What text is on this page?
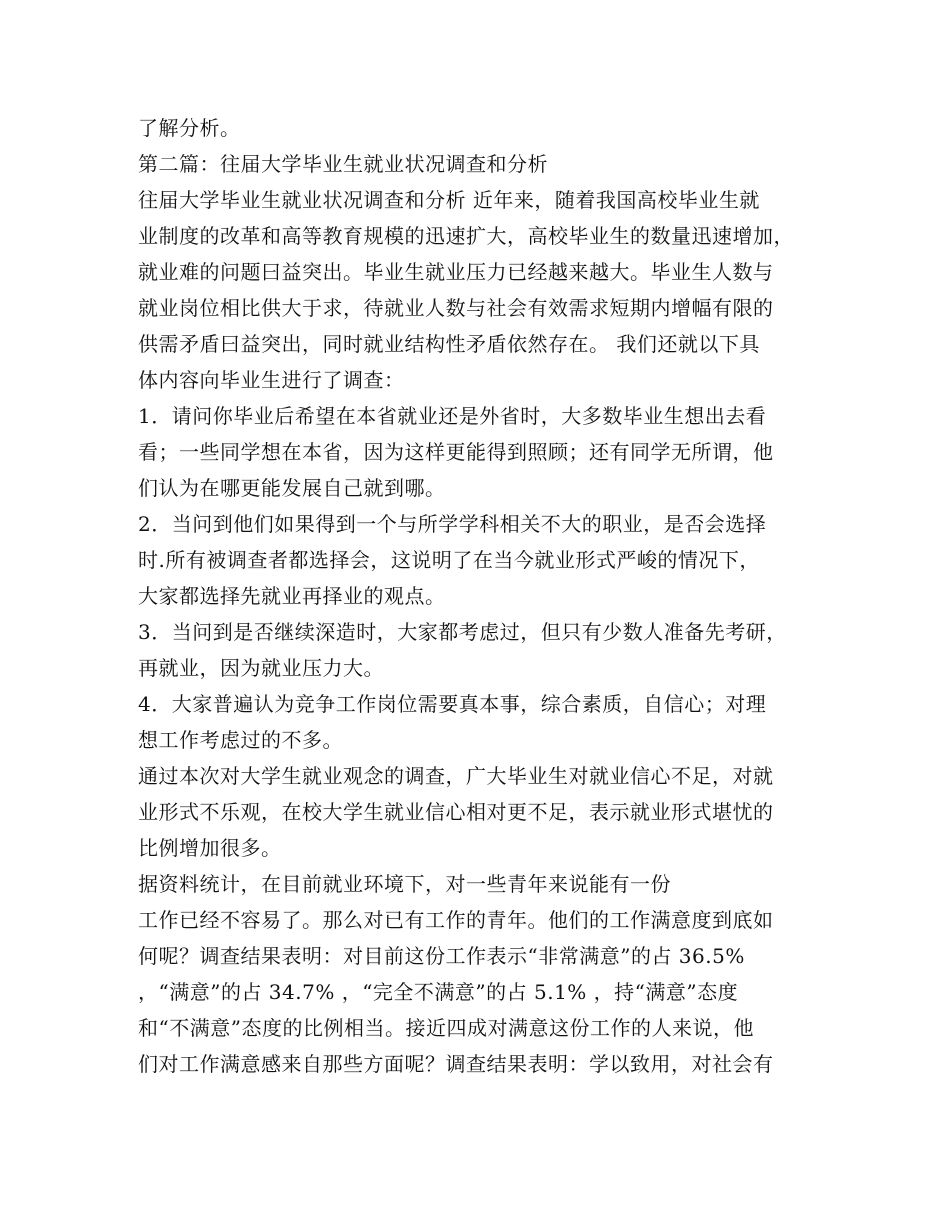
了解分析。
第二篇：往届大学毕业生就业状况调查和分析
往届大学毕业生就业状况调查和分析 近年来，随着我国高校毕业生就
业制度的改革和高等教育规模的迅速扩大，高校毕业生的数量迅速增加，
就业难的问题曰益突出。毕业生就业压力已经越来越大。毕业生人数与
就业岗位相比供大于求，待就业人数与社会有效需求短期内增幅有限的
供需矛盾曰益突出，同时就业结构性矛盾依然存在。 我们还就以下具
体内容向毕业生进行了调查：
1．请问你毕业后希望在本省就业还是外省时，大多数毕业生想出去看
看；一些同学想在本省，因为这样更能得到照顾；还有同学无所谓，他
们认为在哪更能发展自己就到哪。
2．当问到他们如果得到一个与所学学科相关不大的职业，是否会选择
时.所有被调查者都选择会，这说明了在当今就业形式严峻的情况下，
大家都选择先就业再择业的观点。
3．当问到是否继续深造时，大家都考虑过，但只有少数人准备先考研，
再就业，因为就业压力大。
4．大家普遍认为竞争工作岗位需要真本事，综合素质，自信心；对理
想工作考虑过的不多。
通过本次对大学生就业观念的调查，广大毕业生对就业信心不足，对就
业形式不乐观，在校大学生就业信心相对更不足，表示就业形式堪忧的
比例增加很多。
据资料统计，在目前就业环境下，对一些青年来说能有一份
工作已经不容易了。那么对已有工作的青年。他们的工作满意度到底如
何呢？调查结果表明：对目前这份工作表示“非常满意”的占 36.5%
，“满意”的占 34.7% ，“完全不满意”的占 5.1% ，持“满意”态度
和“不满意”态度的比例相当。接近四成对满意这份工作的人来说，他
们对工作满意感来自那些方面呢？调查结果表明：学以致用，对社会有
